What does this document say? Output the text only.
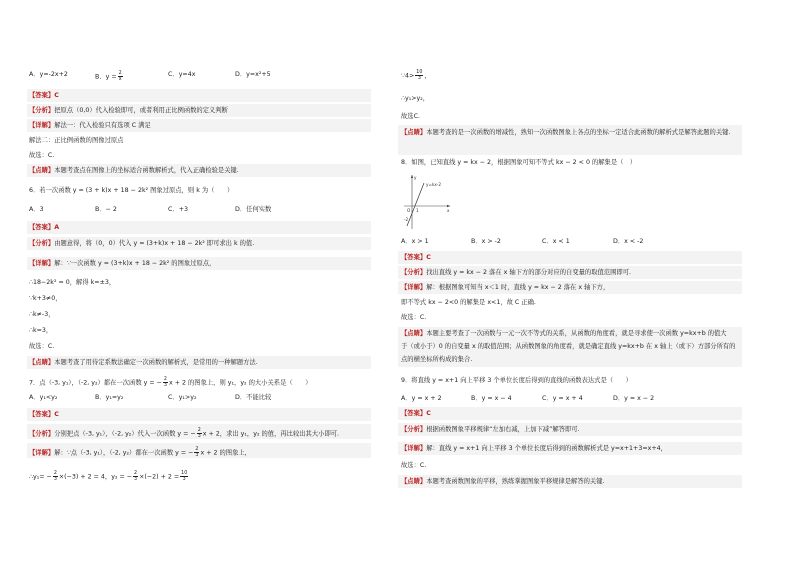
A．y=-2x+2	B．$y = \frac{2}{x}$	C．y=4x	D．y=x²+5
【答案】C
【分析】把原点（0,0）代入检验即可，或者利用正比例函数的定义判断
【详解】解法一：代入检验只有选项 C 满足
解法二：正比例函数的图像过原点
故选：C.
【点睛】本题考查点在图像上的坐标适合函数解析式，代入正确检验是关键.
6．若一次函数 y = (3 + k)x + 18 − 2k² 图象过原点，则 k 为（　　）
A．3	B．− 2	C．+3	D．任何实数
【答案】A
【分析】由题意得，将（0，0）代入 y = (3+k)x + 18 − 2k² 即可求出 k 的值.
【详解】解：∵一次函数 y = (3+k)x + 18 − 2k² 的图象过原点，
∴18−2k² = 0，解得 k=±3，
∵k+3≠0，
∴k≠-3，
∴k=3，
故选：C.
【点睛】本题考查了用待定系数法确定一次函数的解析式，是常用的一种解题方法.
7．点（-3, y₁），（-2, y₂）都在一次函数 y = − $\frac{2}{3}$ x + 2 的图象上，则 y₁，y₂ 的大小关系是（　　）
A．y₁<y₂	B．y₁=y₂	C．y₁>y₂	D．不能比较
【答案】C
【分析】分别把点（-3, y₁），（-2, y₂）代入一次函数 y = − $\frac{2}{3}$ x + 2，求出 y₁，y₂ 的值，再比较出其大小即可.
【详解】解：∵点（-3, y₁），（-2, y₂）都在一次函数 y = − $\frac{2}{3}$ x + 2 的图象上，
∴y₁= − $\frac{2}{3} \times(-3) + 2 = 4$，y₂ = − $\frac{2}{3} \times(-2) + 2 = \frac{10}{3}$
∵4> $\frac{10}{3}$ ，
∴y₁>y₂，
故选C.
【点睛】本题考查的是一次函数的增减性，熟知一次函数图象上各点的坐标一定适合此函数的解析式是解答此题的关键.
8．如图，已知直线 y = kx − 2，根据图象可知不等式 kx − 2 < 0 的解集是（　）
y=kx-2
y
x
O 1
-2
A．x > 1	B．x > -2	C．x < 1	D．x < -2
【答案】C
【分析】找出直线 y = kx − 2 落在 x 轴下方的部分对应的自变量的取值范围即可.
【详解】解：根据图象可知当 x＜1 时，直线 y = kx − 2 落在 x 轴下方，
即不等式 kx − 2<0 的解集是 x<1，故 C 正确.
故选：C.
【点睛】本题主要考查了一次函数与一元一次不等式的关系，从函数的角度看，就是寻求使一次函数 y=kx+b 的值大
于（或小于）0 的自变量 x 的取值范围；从函数图象的角度看，就是确定直线 y=kx+b 在 x 轴上（或下）方部分所有的
点的横坐标所构成的集合.
9．将直线 y = x+1 向上平移 3 个单位长度后得到的直线的函数表达式是（　　）
A．y = x + 2	B．y = x − 4	C．y = x + 4	D．y = x − 2
【答案】C
【分析】根据函数图象平移规律“左加右减，上加下减”解答即可.
【详解】解：直线 y = x+1 向上平移 3 个单位长度后得到的函数解析式是 y=x+1+3=x+4，
故选：C.
【点睛】本题考查函数图象的平移，熟练掌握图象平移规律是解答的关键.
